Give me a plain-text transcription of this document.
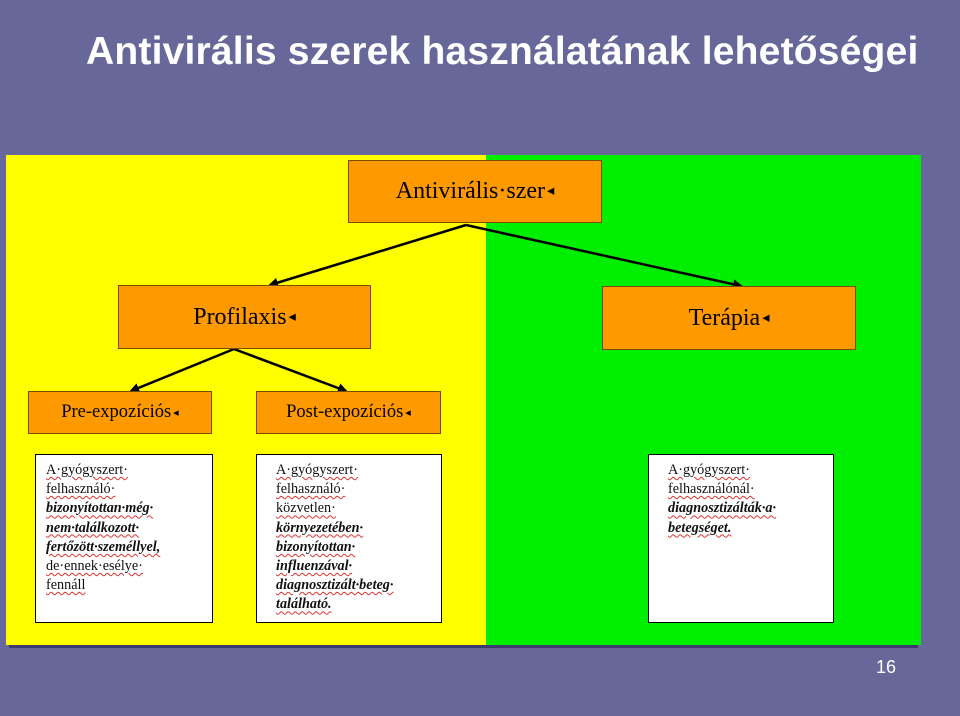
Antivirális szerek használatának lehetőségei
Antivirális·szer ◂
Profilaxis ◂	Terápia ◂
Pre-expozíciós ◂	Post-expozíciós ◂
A·gyógyszert·
felhasználó·
bizonyítottan·még·
nem·találkozott·
fertőzött·személlyel,
de·ennek·esélye·
fennáll
A·gyógyszert·
felhasználó·
közvetlen·
környezetében·
bizonyítottan·
influenzával·
diagnosztizált·beteg·
található.
A·gyógyszert·
felhasználónál·
diagnosztizálták·a·
betegséget.
16
